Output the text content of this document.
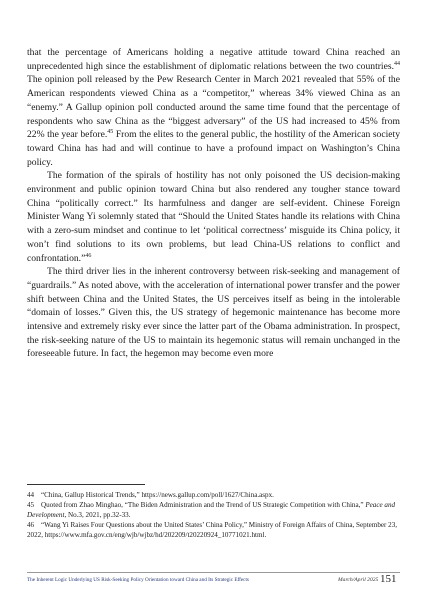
that the percentage of Americans holding a negative attitude toward China reached an unprecedented high since the establishment of diplomatic relations between the two countries.$^{44}$ The opinion poll released by the Pew Research Center in March 2021 revealed that 55% of the American respondents viewed China as a “competitor,” whereas 34% viewed China as an “enemy.” A Gallup opinion poll conducted around the same time found that the percentage of respondents who saw China as the “biggest adversary” of the US had increased to 45% from 22% the year before.$^{45}$ From the elites to the general public, the hostility of the American society toward China has had and will continue to have a profound impact on Washington’s China policy.

The formation of the spirals of hostility has not only poisoned the US decision-making environment and public opinion toward China but also rendered any tougher stance toward China “politically correct.” Its harmfulness and danger are self-evident. Chinese Foreign Minister Wang Yi solemnly stated that “Should the United States handle its relations with China with a zero-sum mindset and continue to let ‘political correctness’ misguide its China policy, it won’t find solutions to its own problems, but lead China-US relations to conflict and confrontation.”$^{46}$

The third driver lies in the inherent controversy between risk-seeking and management of “guardrails.” As noted above, with the acceleration of international power transfer and the power shift between China and the United States, the US perceives itself as being in the intolerable “domain of losses.” Given this, the US strategy of hegemonic maintenance has become more intensive and extremely risky ever since the latter part of the Obama administration. In prospect, the risk-seeking nature of the US to maintain its hegemonic status will remain unchanged in the foreseeable future. In fact, the hegemon may become even more

44 “China, Gallup Historical Trends,” https://news.gallup.com/poll/1627/China.aspx.

45 Quoted from Zhao Minghao, “The Biden Administration and the Trend of US Strategic Competition with China,” Peace and Development, No.3, 2021, pp.32-33.

46 “Wang Yi Raises Four Questions about the United States’ China Policy,” Ministry of Foreign Affairs of China, September 23, 2022, https://www.mfa.gov.cn/eng/wjb/wjbz/hd/202209/t20220924_10771021.html.

The Inherent Logic Underlying US Risk-Seeking Policy Orientation toward China and Its Strategic Effects	March/April 2025 151
